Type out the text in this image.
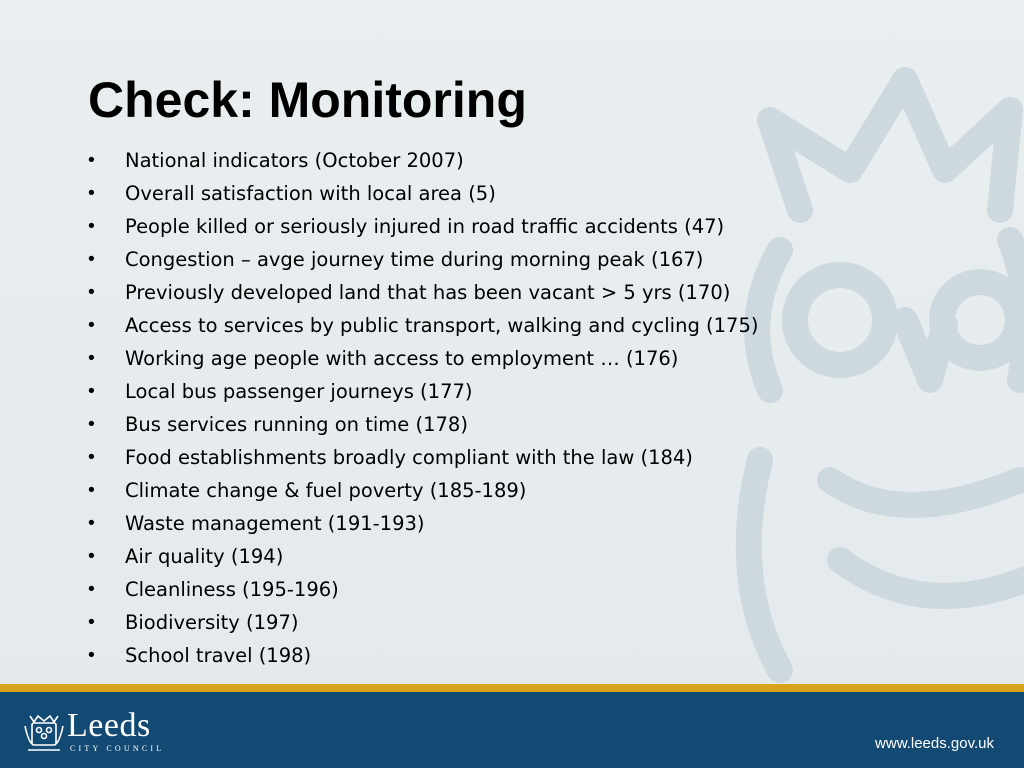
Check: Monitoring
•	National indicators (October 2007)
•	Overall satisfaction with local area (5)
•	People killed or seriously injured in road traffic accidents (47)
•	Congestion – avge journey time during morning peak (167)
•	Previously developed land that has been vacant > 5 yrs (170)
•	Access to services by public transport, walking and cycling (175)
•	Working age people with access to employment … (176)
•	Local bus passenger journeys (177)
•	Bus services running on time (178)
•	Food establishments broadly compliant with the law (184)
•	Climate change & fuel poverty (185-189)
•	Waste management (191-193)
•	Air quality (194)
•	Cleanliness (195-196)
•	Biodiversity (197)
•	School travel (198)
Leeds
CITY COUNCIL	www.leeds.gov.uk
